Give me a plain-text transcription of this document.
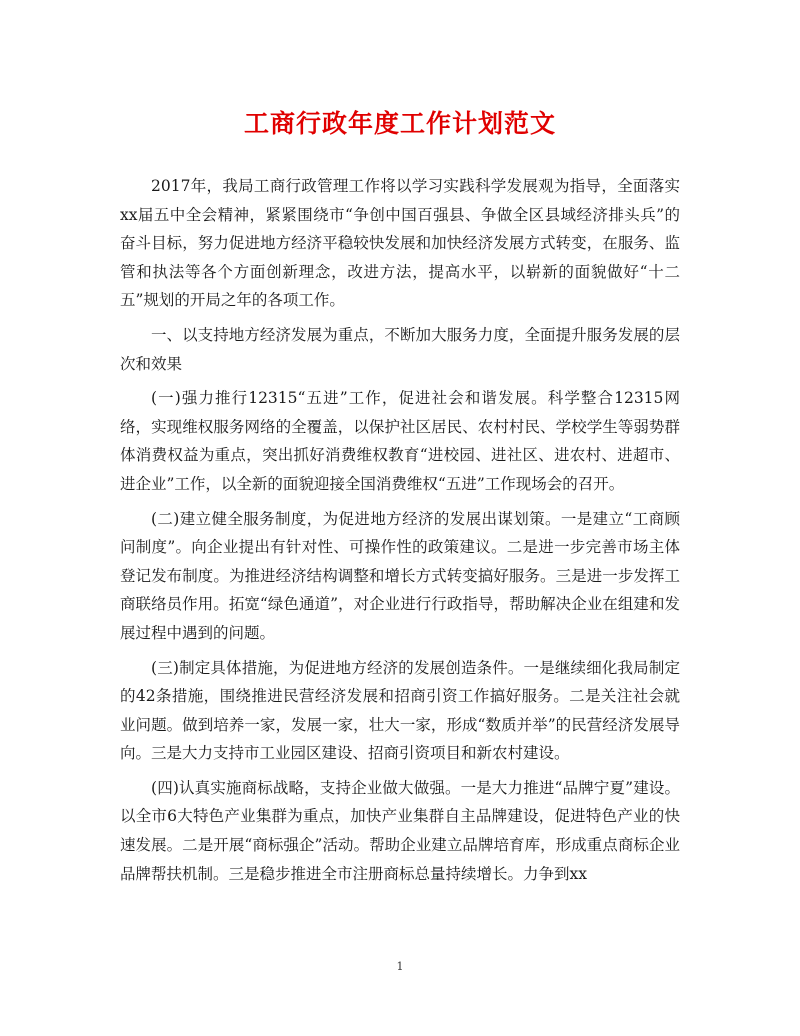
工商行政年度工作计划范文

2017年，我局工商行政管理工作将以学习实践科学发展观为指导，全面落实xx届五中全会精神，紧紧围绕市“争创中国百强县、争做全区县域经济排头兵”的奋斗目标，努力促进地方经济平稳较快发展和加快经济发展方式转变，在服务、监管和执法等各个方面创新理念，改进方法，提高水平，以崭新的面貌做好“十二五”规划的开局之年的各项工作。

一、以支持地方经济发展为重点，不断加大服务力度，全面提升服务发展的层次和效果

(一)强力推行12315“五进”工作，促进社会和谐发展。科学整合12315网络，实现维权服务网络的全覆盖，以保护社区居民、农村村民、学校学生等弱势群体消费权益为重点，突出抓好消费维权教育“进校园、进社区、进农村、进超市、进企业”工作，以全新的面貌迎接全国消费维权“五进”工作现场会的召开。

(二)建立健全服务制度，为促进地方经济的发展出谋划策。一是建立“工商顾问制度”。向企业提出有针对性、可操作性的政策建议。二是进一步完善市场主体登记发布制度。为推进经济结构调整和增长方式转变搞好服务。三是进一步发挥工商联络员作用。拓宽“绿色通道”，对企业进行行政指导，帮助解决企业在组建和发展过程中遇到的问题。

(三)制定具体措施，为促进地方经济的发展创造条件。一是继续细化我局制定的42条措施，围绕推进民营经济发展和招商引资工作搞好服务。二是关注社会就业问题。做到培养一家，发展一家，壮大一家，形成“数质并举”的民营经济发展导向。三是大力支持市工业园区建设、招商引资项目和新农村建设。

(四)认真实施商标战略，支持企业做大做强。一是大力推进“品牌宁夏”建设。以全市6大特色产业集群为重点，加快产业集群自主品牌建设，促进特色产业的快速发展。二是开展“商标强企”活动。帮助企业建立品牌培育库，形成重点商标企业品牌帮扶机制。三是稳步推进全市注册商标总量持续增长。力争到xx

1
